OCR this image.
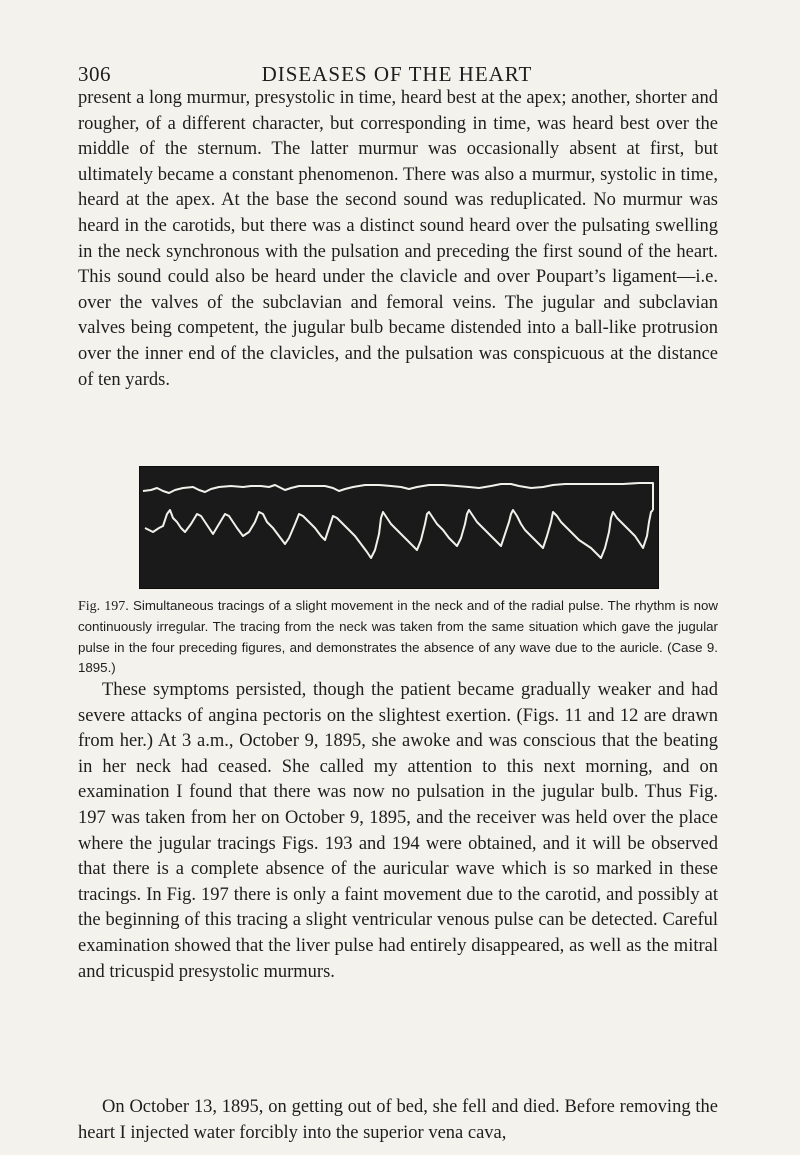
306	DISEASES OF THE HEART

present a long murmur, presystolic in time, heard best at the apex; another, shorter and rougher, of a different character, but corresponding in time, was heard best over the middle of the sternum. The latter murmur was occasionally absent at first, but ultimately became a constant phenomenon. There was also a murmur, systolic in time, heard at the apex. At the base the second sound was reduplicated. No murmur was heard in the carotids, but there was a distinct sound heard over the pulsating swelling in the neck synchronous with the pulsation and preceding the first sound of the heart. This sound could also be heard under the clavicle and over Poupart’s ligament—i.e. over the valves of the subclavian and femoral veins. The jugular and subclavian valves being competent, the jugular bulb became distended into a ball-like protrusion over the inner end of the clavicles, and the pulsation was conspicuous at the distance of ten yards.

Fig. 197. Simultaneous tracings of a slight movement in the neck and of the radial pulse. The rhythm is now continuously irregular. The tracing from the neck was taken from the same situation which gave the jugular pulse in the four preceding figures, and demonstrates the absence of any wave due to the auricle. (Case 9. 1895.)

These symptoms persisted, though the patient became gradually weaker and had severe attacks of angina pectoris on the slightest exertion. (Figs. 11 and 12 are drawn from her.) At 3 a.m., October 9, 1895, she awoke and was conscious that the beating in her neck had ceased. She called my attention to this next morning, and on examination I found that there was now no pulsation in the jugular bulb. Thus Fig. 197 was taken from her on October 9, 1895, and the receiver was held over the place where the jugular tracings Figs. 193 and 194 were obtained, and it will be observed that there is a complete absence of the auricular wave which is so marked in these tracings. In Fig. 197 there is only a faint movement due to the carotid, and possibly at the beginning of this tracing a slight ventricular venous pulse can be detected. Careful examination showed that the liver pulse had entirely disappeared, as well as the mitral and tricuspid presystolic murmurs.

On October 13, 1895, on getting out of bed, she fell and died. Before removing the heart I injected water forcibly into the superior vena cava,
